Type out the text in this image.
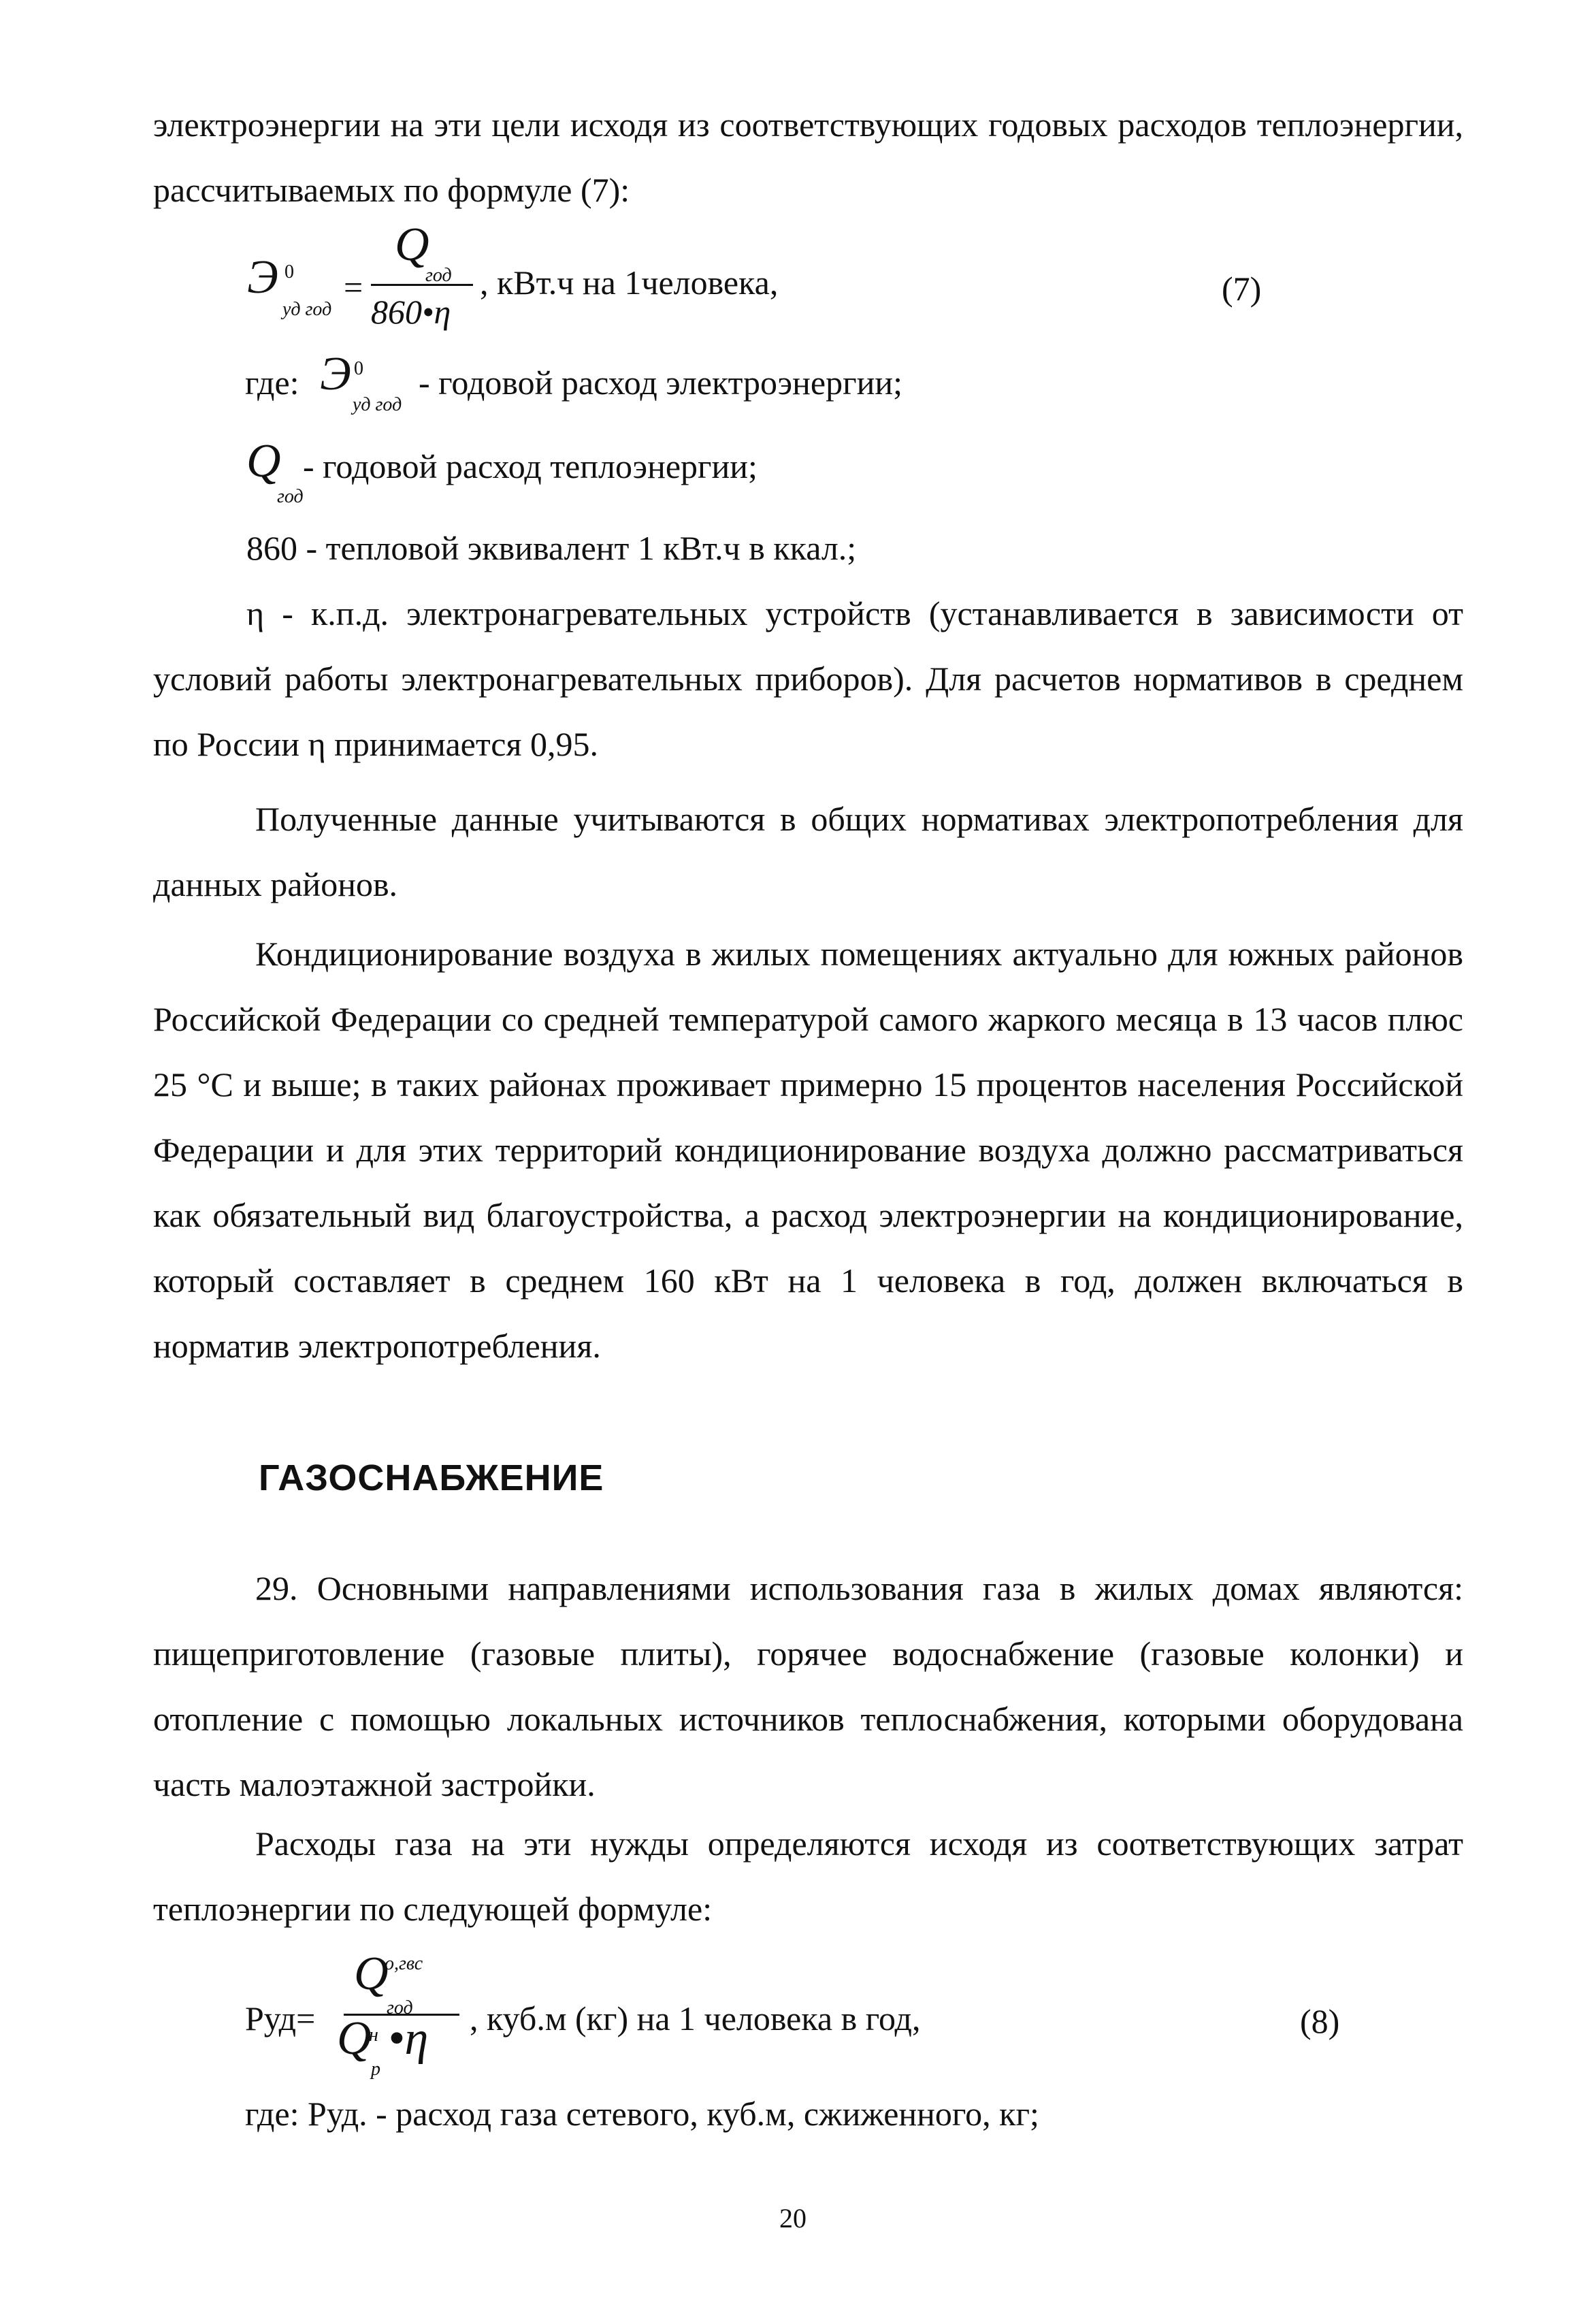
электроэнергии на эти цели исходя из соответствующих годовых расходов теплоэнергии, рассчитываемых по формуле (7):

Э 0
уд год
=
Q
год
860•η
, кВт.ч на 1человека,	(7)
где: Э 0
уд год
- годовой расход электроэнергии;
Q
год
- годовой расход теплоэнергии;
860 - тепловой эквивалент 1 кВт.ч в ккал.;

η - к.п.д. электронагревательных устройств (устанавливается в зависимости от условий работы электронагревательных приборов). Для расчетов нормативов в среднем по России η принимается 0,95.

Полученные данные учитываются в общих нормативах электропотребления для данных районов.

Кондиционирование воздуха в жилых помещениях актуально для южных районов Российской Федерации со средней температурой самого жаркого месяца в 13 часов плюс 25 °С и выше; в таких районах проживает примерно 15 процентов населения Российской Федерации и для этих территорий кондиционирование воздуха должно рассматриваться как обязательный вид благоустройства, а расход электроэнергии на кондиционирование, который составляет в среднем 160 кВт на 1 человека в год, должен включаться в норматив электропотребления.

ГАЗОСНАБЖЕНИЕ

29. Основными направлениями использования газа в жилых домах являются: пищеприготовление (газовые плиты), горячее водоснабжение (газовые колонки) и отопление с помощью локальных источников теплоснабжения, которыми оборудована часть малоэтажной застройки.

Расходы газа на эти нужды определяются исходя из соответствующих затрат теплоэнергии по следующей формуле:

Руд=
Q
о,гвс
год
Q
н
р
•η , куб.м (кг) на 1 человека в год,	(8)
где: Руд. - расход газа сетевого, куб.м, сжиженного, кг;
20
